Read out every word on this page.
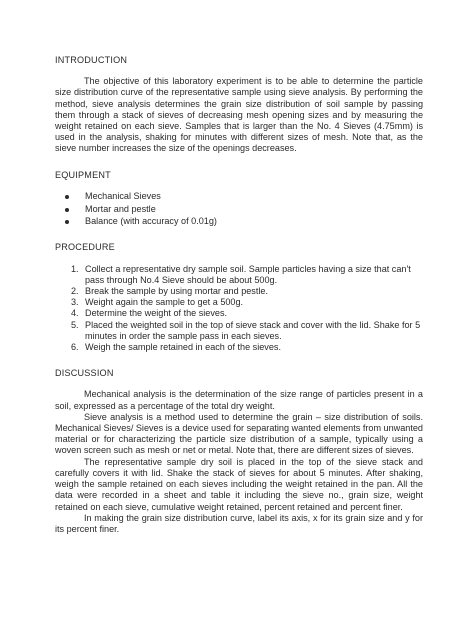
INTRODUCTION

The objective of this laboratory experiment is to be able to determine the particle size distribution curve of the representative sample using sieve analysis. By performing the method, sieve analysis determines the grain size distribution of soil sample by passing them through a stack of sieves of decreasing mesh opening sizes and by measuring the weight retained on each sieve. Samples that is larger than the No. 4 Sieves (4.75mm) is used in the analysis, shaking for minutes with different sizes of mesh. Note that, as the sieve number increases the size of the openings decreases.

EQUIPMENT
Mechanical Sieves
Mortar and pestle
Balance (with accuracy of 0.01g)
PROCEDURE
1. Collect a representative dry sample soil. Sample particles having a size that can't pass through No.4 Sieve should be about 500g.
2. Break the sample by using mortar and pestle.
3. Weight again the sample to get a 500g.
4. Determine the weight of the sieves.
5. Placed the weighted soil in the top of sieve stack and cover with the lid. Shake for 5 minutes in order the sample pass in each sieves.
6. Weigh the sample retained in each of the sieves.
DISCUSSION

Mechanical analysis is the determination of the size range of particles present in a soil, expressed as a percentage of the total dry weight.

Sieve analysis is a method used to determine the grain – size distribution of soils. Mechanical Sieves/ Sieves is a device used for separating wanted elements from unwanted material or for characterizing the particle size distribution of a sample, typically using a woven screen such as mesh or net or metal. Note that, there are different sizes of sieves.

The representative sample dry soil is placed in the top of the sieve stack and carefully covers it with lid. Shake the stack of sieves for about 5 minutes. After shaking, weigh the sample retained on each sieves including the weight retained in the pan. All the data were recorded in a sheet and table it including the sieve no., grain size, weight retained on each sieve, cumulative weight retained, percent retained and percent finer.

In making the grain size distribution curve, label its axis, x for its grain size and y for its percent finer.
